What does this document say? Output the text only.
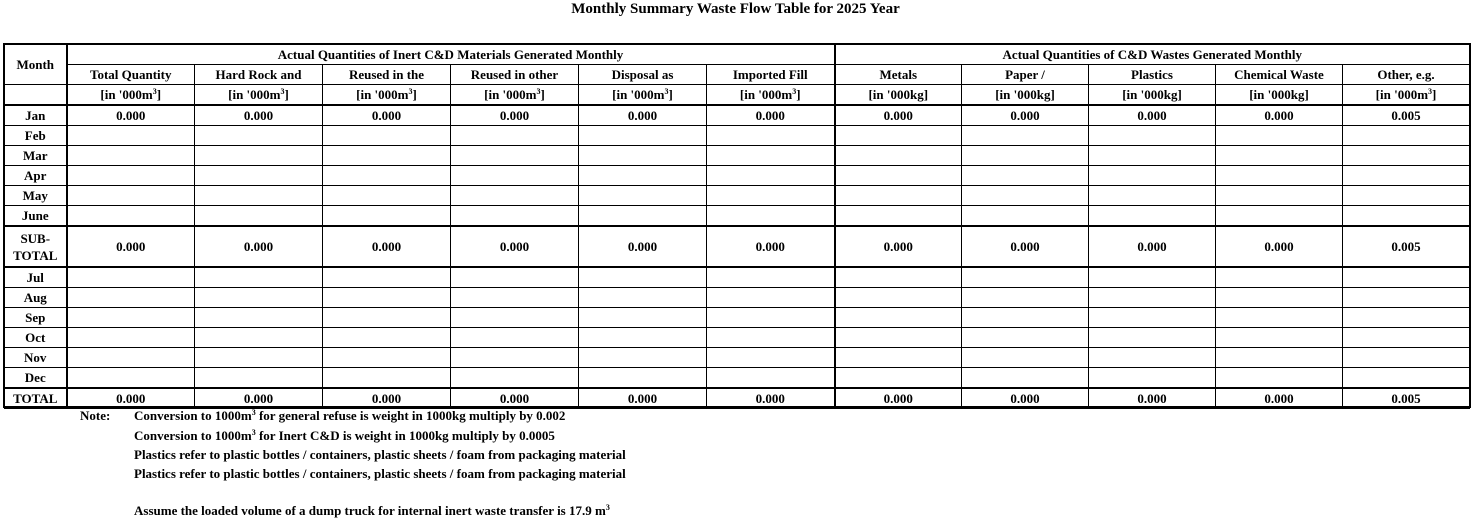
Monthly Summary Waste Flow Table for 2025 Year
Month	Actual Quantities of Inert C&D Materials Generated Monthly						Actual Quantities of C&D Wastes Generated Monthly				
	Total Quantity	Hard Rock and	Reused in the	Reused in other	Disposal as	Imported Fill	Metals	Paper /	Plastics	Chemical Waste	Other, e.g.
	[in '$000m^3$]	[in '$000m^3$]	[in '$000m^3$]	[in '$000m^3$]	[in '$000m^3$]	[in '$000m^3$]	[in '000kg]	[in '000kg]	[in '000kg]	[in '000kg]	[in '$000m^3$]

Jan	0.000	0.000	0.000	0.000	0.000	0.000	0.000	0.000	0.000	0.000	0.005

Feb											

Mar											

Apr											

May											

June											

SUB-
TOTAL	0.000	0.000	0.000	0.000	0.000	0.000	0.000	0.000	0.000	0.000	0.005

Jul											

Aug											

Sep											

Oct											

Nov											

Dec											

TOTAL	0.000	0.000	0.000	0.000	0.000	0.000	0.000	0.000	0.000	0.000	0.005
Note: Conversion to $1000m^3$ for general refuse is weight in 1000kg multiply by 0.002
Conversion to $1000m^3$ for Inert C&D is weight in 1000kg multiply by 0.0005
Plastics refer to plastic bottles / containers, plastic sheets / foam from packaging material
Plastics refer to plastic bottles / containers, plastic sheets / foam from packaging material
Assume the loaded volume of a dump truck for internal inert waste transfer is 17.9 $m^3$
